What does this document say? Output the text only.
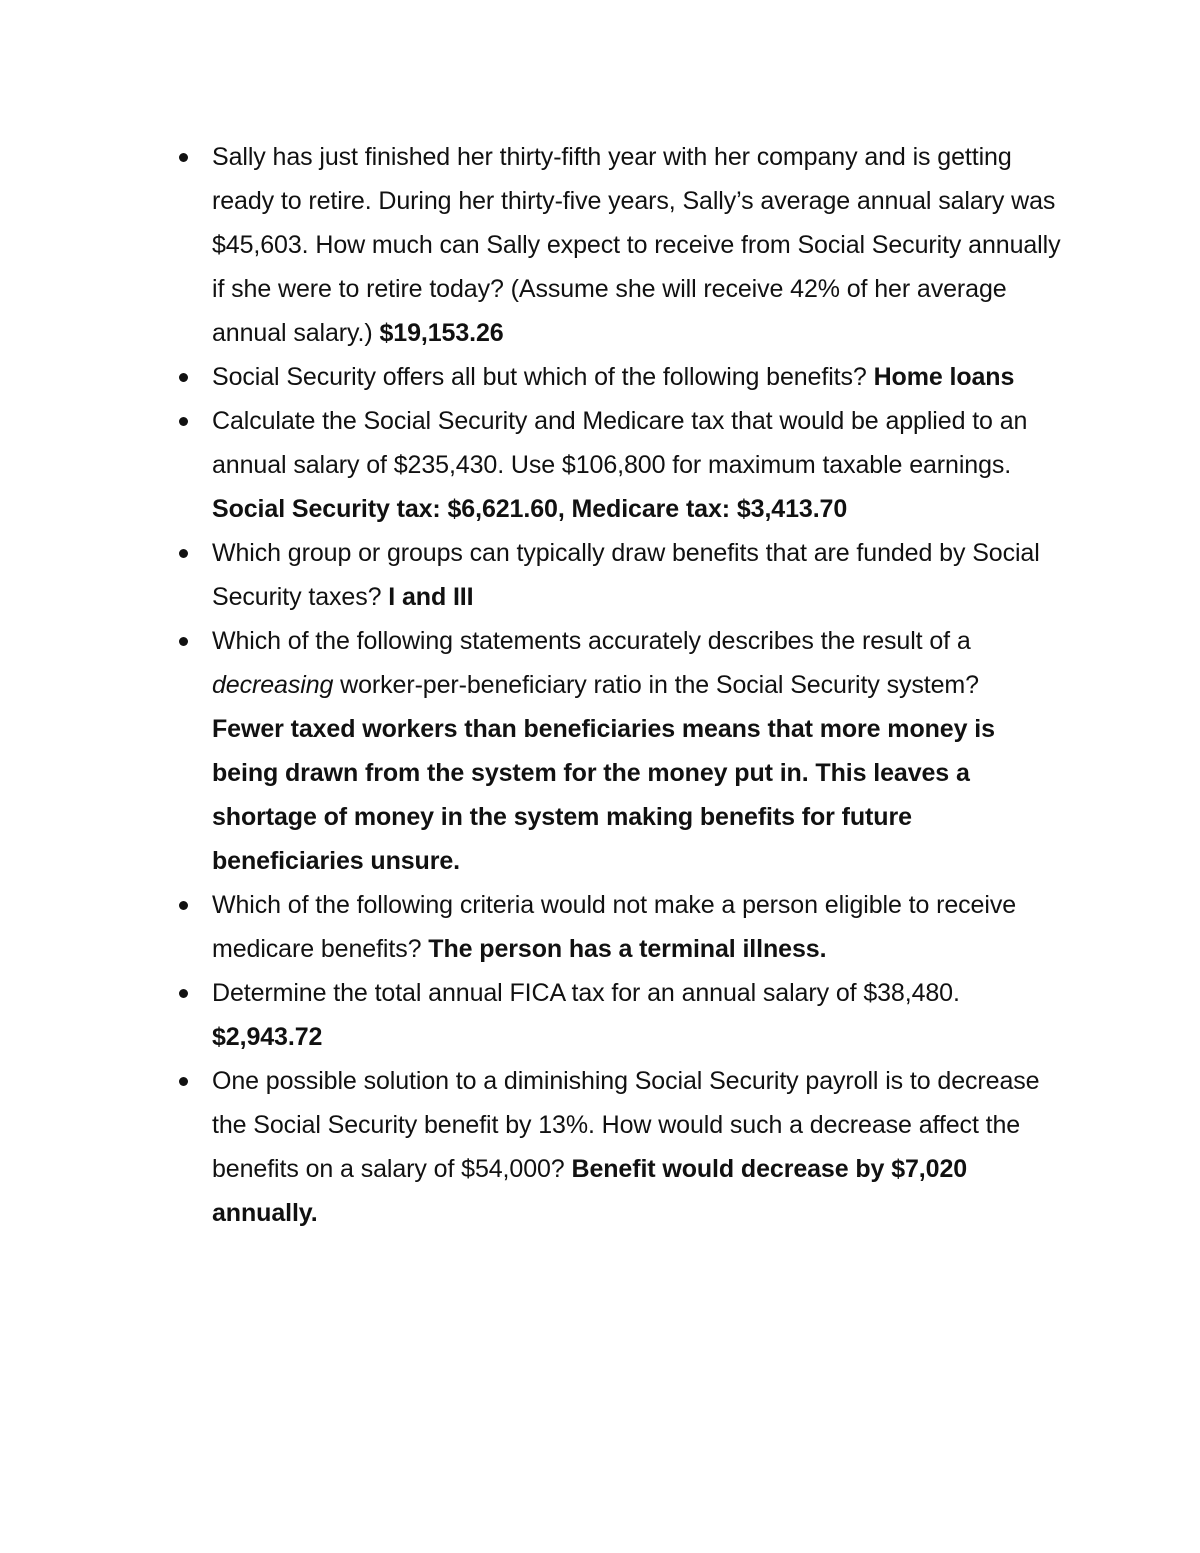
Sally has just finished her thirty-fifth year with her company and is getting ready to retire. During her thirty-five years, Sally’s average annual salary was $45,603. How much can Sally expect to receive from Social Security annually if she were to retire today? (Assume she will receive 42% of her average annual salary.) $19,153.26
Social Security offers all but which of the following benefits? Home loans
Calculate the Social Security and Medicare tax that would be applied to an annual salary of $235,430. Use $106,800 for maximum taxable earnings.
Social Security tax: $6,621.60, Medicare tax: $3,413.70
Which group or groups can typically draw benefits that are funded by Social Security taxes? I and III
Which of the following statements accurately describes the result of a decreasing worker-per-beneficiary ratio in the Social Security system?
Fewer taxed workers than beneficiaries means that more money is being drawn from the system for the money put in. This leaves a shortage of money in the system making benefits for future beneficiaries unsure.
Which of the following criteria would not make a person eligible to receive medicare benefits? The person has a terminal illness.
Determine the total annual FICA tax for an annual salary of $38,480.
$2,943.72
One possible solution to a diminishing Social Security payroll is to decrease the Social Security benefit by 13%. How would such a decrease affect the benefits on a salary of $54,000? Benefit would decrease by $7,020 annually.
